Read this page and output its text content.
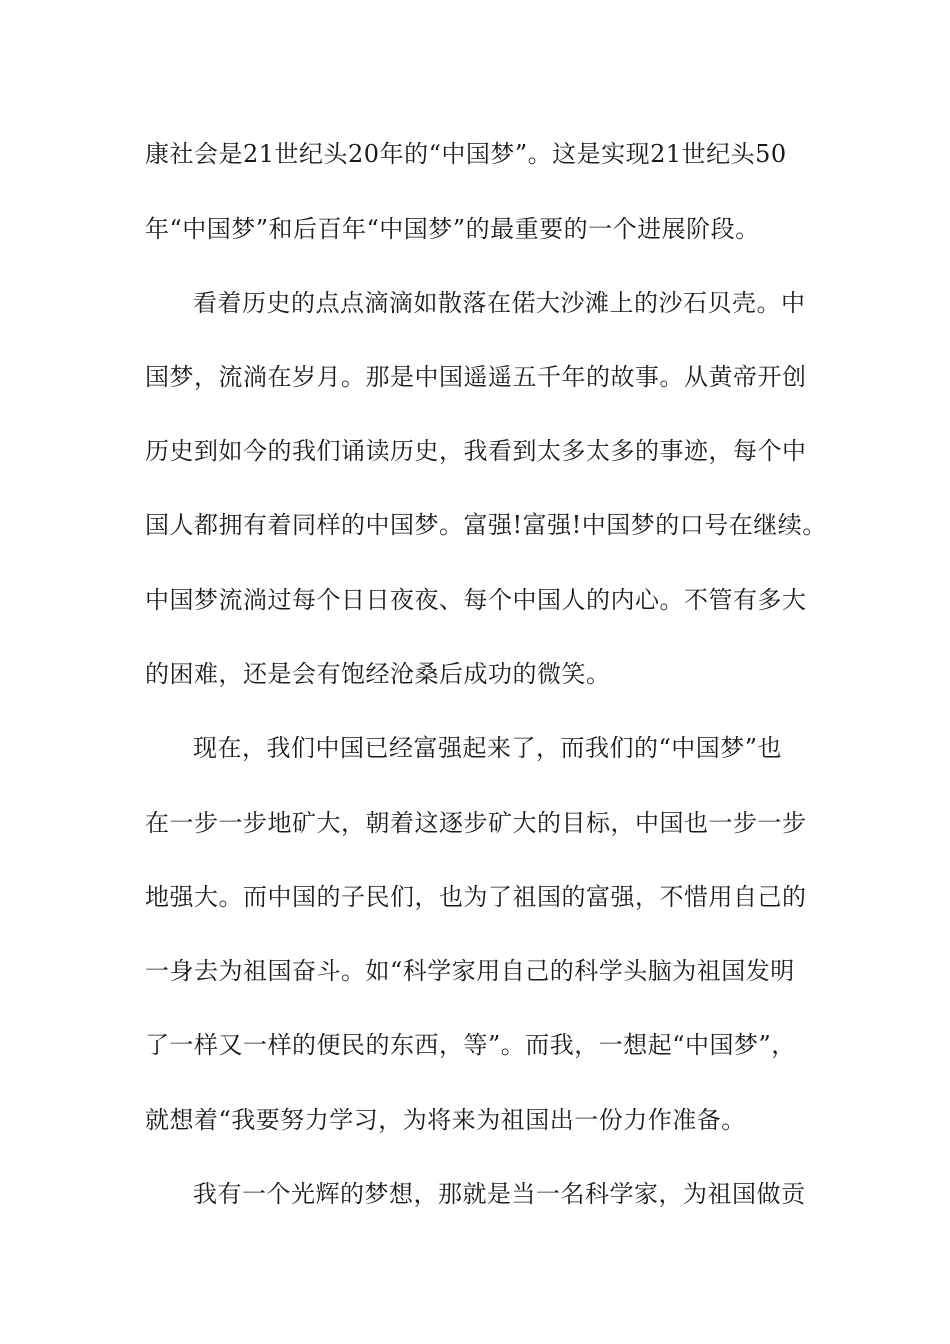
康社会是21世纪头20年的“中国梦”。这是实现21世纪头50
年“中国梦”和后百年“中国梦”的最重要的一个进展阶段。
看着历史的点点滴滴如散落在偌大沙滩上的沙石贝壳。中
国梦，流淌在岁月。那是中国遥遥五千年的故事。从黄帝开创
历史到如今的我们诵读历史，我看到太多太多的事迹，每个中
国人都拥有着同样的中国梦。富强!富强!中国梦的口号在继续。
中国梦流淌过每个日日夜夜、每个中国人的内心。不管有多大
的困难，还是会有饱经沧桑后成功的微笑。
现在，我们中国已经富强起来了，而我们的“中国梦”也
在一步一步地矿大，朝着这逐步矿大的目标，中国也一步一步
地强大。而中国的子民们，也为了祖国的富强，不惜用自己的
一身去为祖国奋斗。如“科学家用自己的科学头脑为祖国发明
了一样又一样的便民的东西，等”。而我，一想起“中国梦”，
就想着“我要努力学习，为将来为祖国出一份力作准备。
我有一个光辉的梦想，那就是当一名科学家，为祖国做贡
